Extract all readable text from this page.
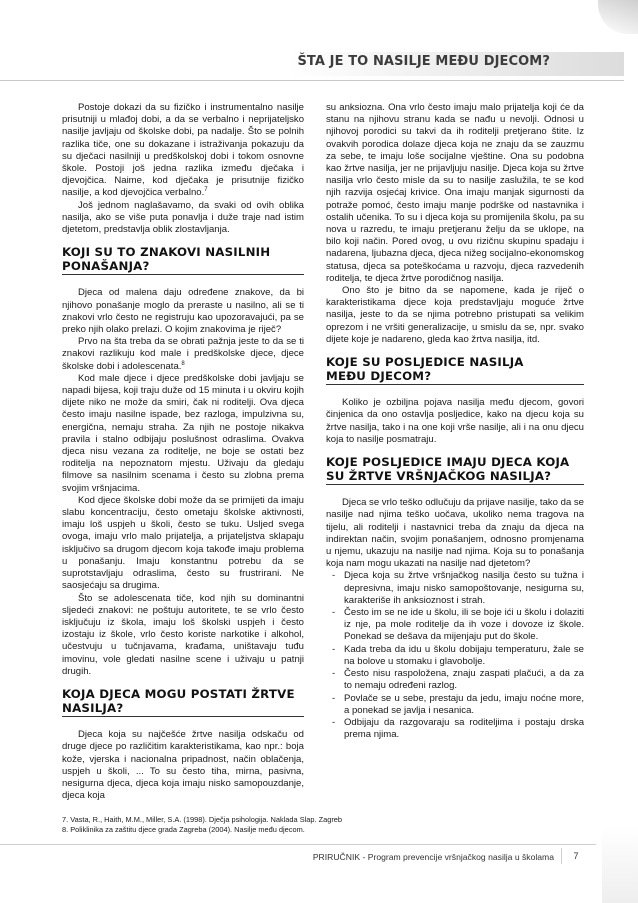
ŠTA JE TO NASILJE MEĐU DJECOM?

Postoje dokazi da su fizičko i instrumentalno nasilje prisutniji u mlađoj dobi, a da se verbalno i neprijateljsko nasilje javljaju od školske dobi, pa nadalje. Što se polnih razlika tiče, one su dokazane i istraživanja pokazuju da su dječaci nasilniji u predškolskoj dobi i tokom osnovne škole. Postoji još jedna razlika između dječaka i djevojčica. Naime, kod dječaka je prisutnije fizičko nasilje, a kod djevojčica verbalno.$^7$

Još jednom naglašavamo, da svaki od ovih oblika nasilja, ako se više puta ponavlja i duže traje nad istim djetetom, predstavlja oblik zlostavljanja.

KOJI SU TO ZNAKOVI NASILNIH
PONAŠANJA?

Djeca od malena daju određene znakove, da bi njihovo ponašanje moglo da preraste u nasilno, ali se ti znakovi vrlo često ne registruju kao upozoravajući, pa se preko njih olako prelazi. O kojim znakovima je riječ?

Prvo na šta treba da se obrati pažnja jeste to da se ti znakovi razlikuju kod male i predškolske djece, djece školske dobi i adolescenata.$^8$

Kod male djece i djece predškolske dobi javljaju se napadi bijesa, koji traju duže od 15 minuta i u okviru kojih dijete niko ne može da smiri, čak ni roditelji. Ova djeca često imaju nasilne ispade, bez razloga, impulzivna su, energična, nemaju straha. Za njih ne postoje nikakva pravila i stalno odbijaju poslušnost odraslima. Ovakva djeca nisu vezana za roditelje, ne boje se ostati bez roditelja na nepoznatom mjestu. Uživaju da gledaju filmove sa nasilnim scenama i često su zlobna prema svojim vršnjacima.

Kod djece školske dobi može da se primijeti da imaju slabu koncentraciju, često ometaju školske aktivnosti, imaju loš uspjeh u školi, često se tuku. Usljed svega ovoga, imaju vrlo malo prijatelja, a prijateljstva sklapaju isključivo sa drugom djecom koja takođe imaju problema u ponašanju. Imaju konstantnu potrebu da se suprotstavljaju odraslima, često su frustrirani. Ne saosjećaju sa drugima.

Što se adolescenata tiče, kod njih su dominantni sljedeći znakovi: ne poštuju autoritete, te se vrlo često isključuju iz škola, imaju loš školski uspjeh i često izostaju iz škole, vrlo često koriste narkotike i alkohol, učestvuju u tučnjavama, krađama, uništavaju tuđu imovinu, vole gledati nasilne scene i uživaju u patnji drugih.

KOJA DJECA MOGU POSTATI ŽRTVE
NASILJA?

Djeca koja su najčešće žrtve nasilja odskaču od druge djece po različitim karakteristikama, kao npr.: boja kože, vjerska i nacionalna pripadnost, način oblačenja, uspjeh u školi, ... To su često tiha, mirna, pasivna, nesigurna djeca, djeca koja imaju nisko samopouzdanje, djeca koja

su anksiozna. Ona vrlo često imaju malo prijatelja koji će da stanu na njihovu stranu kada se nađu u nevolji. Odnosi u njihovoj porodici su takvi da ih roditelji pretjerano štite. Iz ovakvih porodica dolaze djeca koja ne znaju da se zauzmu za sebe, te imaju loše socijalne vještine. Ona su podobna kao žrtve nasilja, jer ne prijavljuju nasilje. Djeca koja su žrtve nasilja vrlo često misle da su to nasilje zaslužila, te se kod njih razvija osjećaj krivice. Ona imaju manjak sigurnosti da potraže pomoć, često imaju manje podrške od nastavnika i ostalih učenika. To su i djeca koja su promijenila školu, pa su nova u razredu, te imaju pretjeranu želju da se uklope, na bilo koji način. Pored ovog, u ovu rizičnu skupinu spadaju i nadarena, ljubazna djeca, djeca nižeg socijalno-ekonomskog statusa, djeca sa poteškoćama u razvoju, djeca razvedenih roditelja, te djeca žrtve porodičnog nasilja.

Ono što je bitno da se napomene, kada je riječ o karakteristikama djece koja predstavljaju moguće žrtve nasilja, jeste to da se njima potrebno pristupati sa velikim oprezom i ne vršiti generalizacije, u smislu da se, npr. svako dijete koje je nadareno, gleda kao žrtva nasilja, itd.

KOJE SU POSLJEDICE NASILJA
MEĐU DJECOM?

Koliko je ozbiljna pojava nasilja među djecom, govori činjenica da ono ostavlja posljedice, kako na djecu koja su žrtve nasilja, tako i na one koji vrše nasilje, ali i na onu djecu koja to nasilje posmatraju.

KOJE POSLJEDICE IMAJU DJECA KOJA
SU ŽRTVE VRŠNJAČKOG NASILJA?

Djeca se vrlo teško odlučuju da prijave nasilje, tako da se nasilje nad njima teško uočava, ukoliko nema tragova na tijelu, ali roditelji i nastavnici treba da znaju da djeca na indirektan način, svojim ponašanjem, odnosno promjenama u njemu, ukazuju na nasilje nad njima. Koja su to ponašanja koja nam mogu ukazati na nasilje nad djetetom?

- Djeca koja su žrtve vršnjačkog nasilja često su tužna i depresivna, imaju nisko samopoštovanje, nesigurna su, karakteriše ih anksioznost i strah.
- Često im se ne ide u školu, ili se boje ići u školu i dolaziti iz nje, pa mole roditelje da ih voze i dovoze iz škole. Ponekad se dešava da mijenjaju put do škole.
- Kada treba da idu u školu dobijaju temperaturu, žale se na bolove u stomaku i glavobolje.
- Često nisu raspoložena, znaju zaspati plačući, a da za to nemaju određeni razlog.
- Povlače se u sebe, prestaju da jedu, imaju noćne more, a ponekad se javlja i nesanica.
- Odbijaju da razgovaraju sa roditeljima i postaju drska prema njima.
7. Vasta, R., Haith, M.M., Miller, S.A. (1998). Dječja psihologija. Naklada Slap. Zagreb
8. Poliklinika za zaštitu djece grada Zagreba (2004). Nasilje među djecom.
PRIRUČNIK - Program prevencije vršnjačkog nasilja u školama	7
